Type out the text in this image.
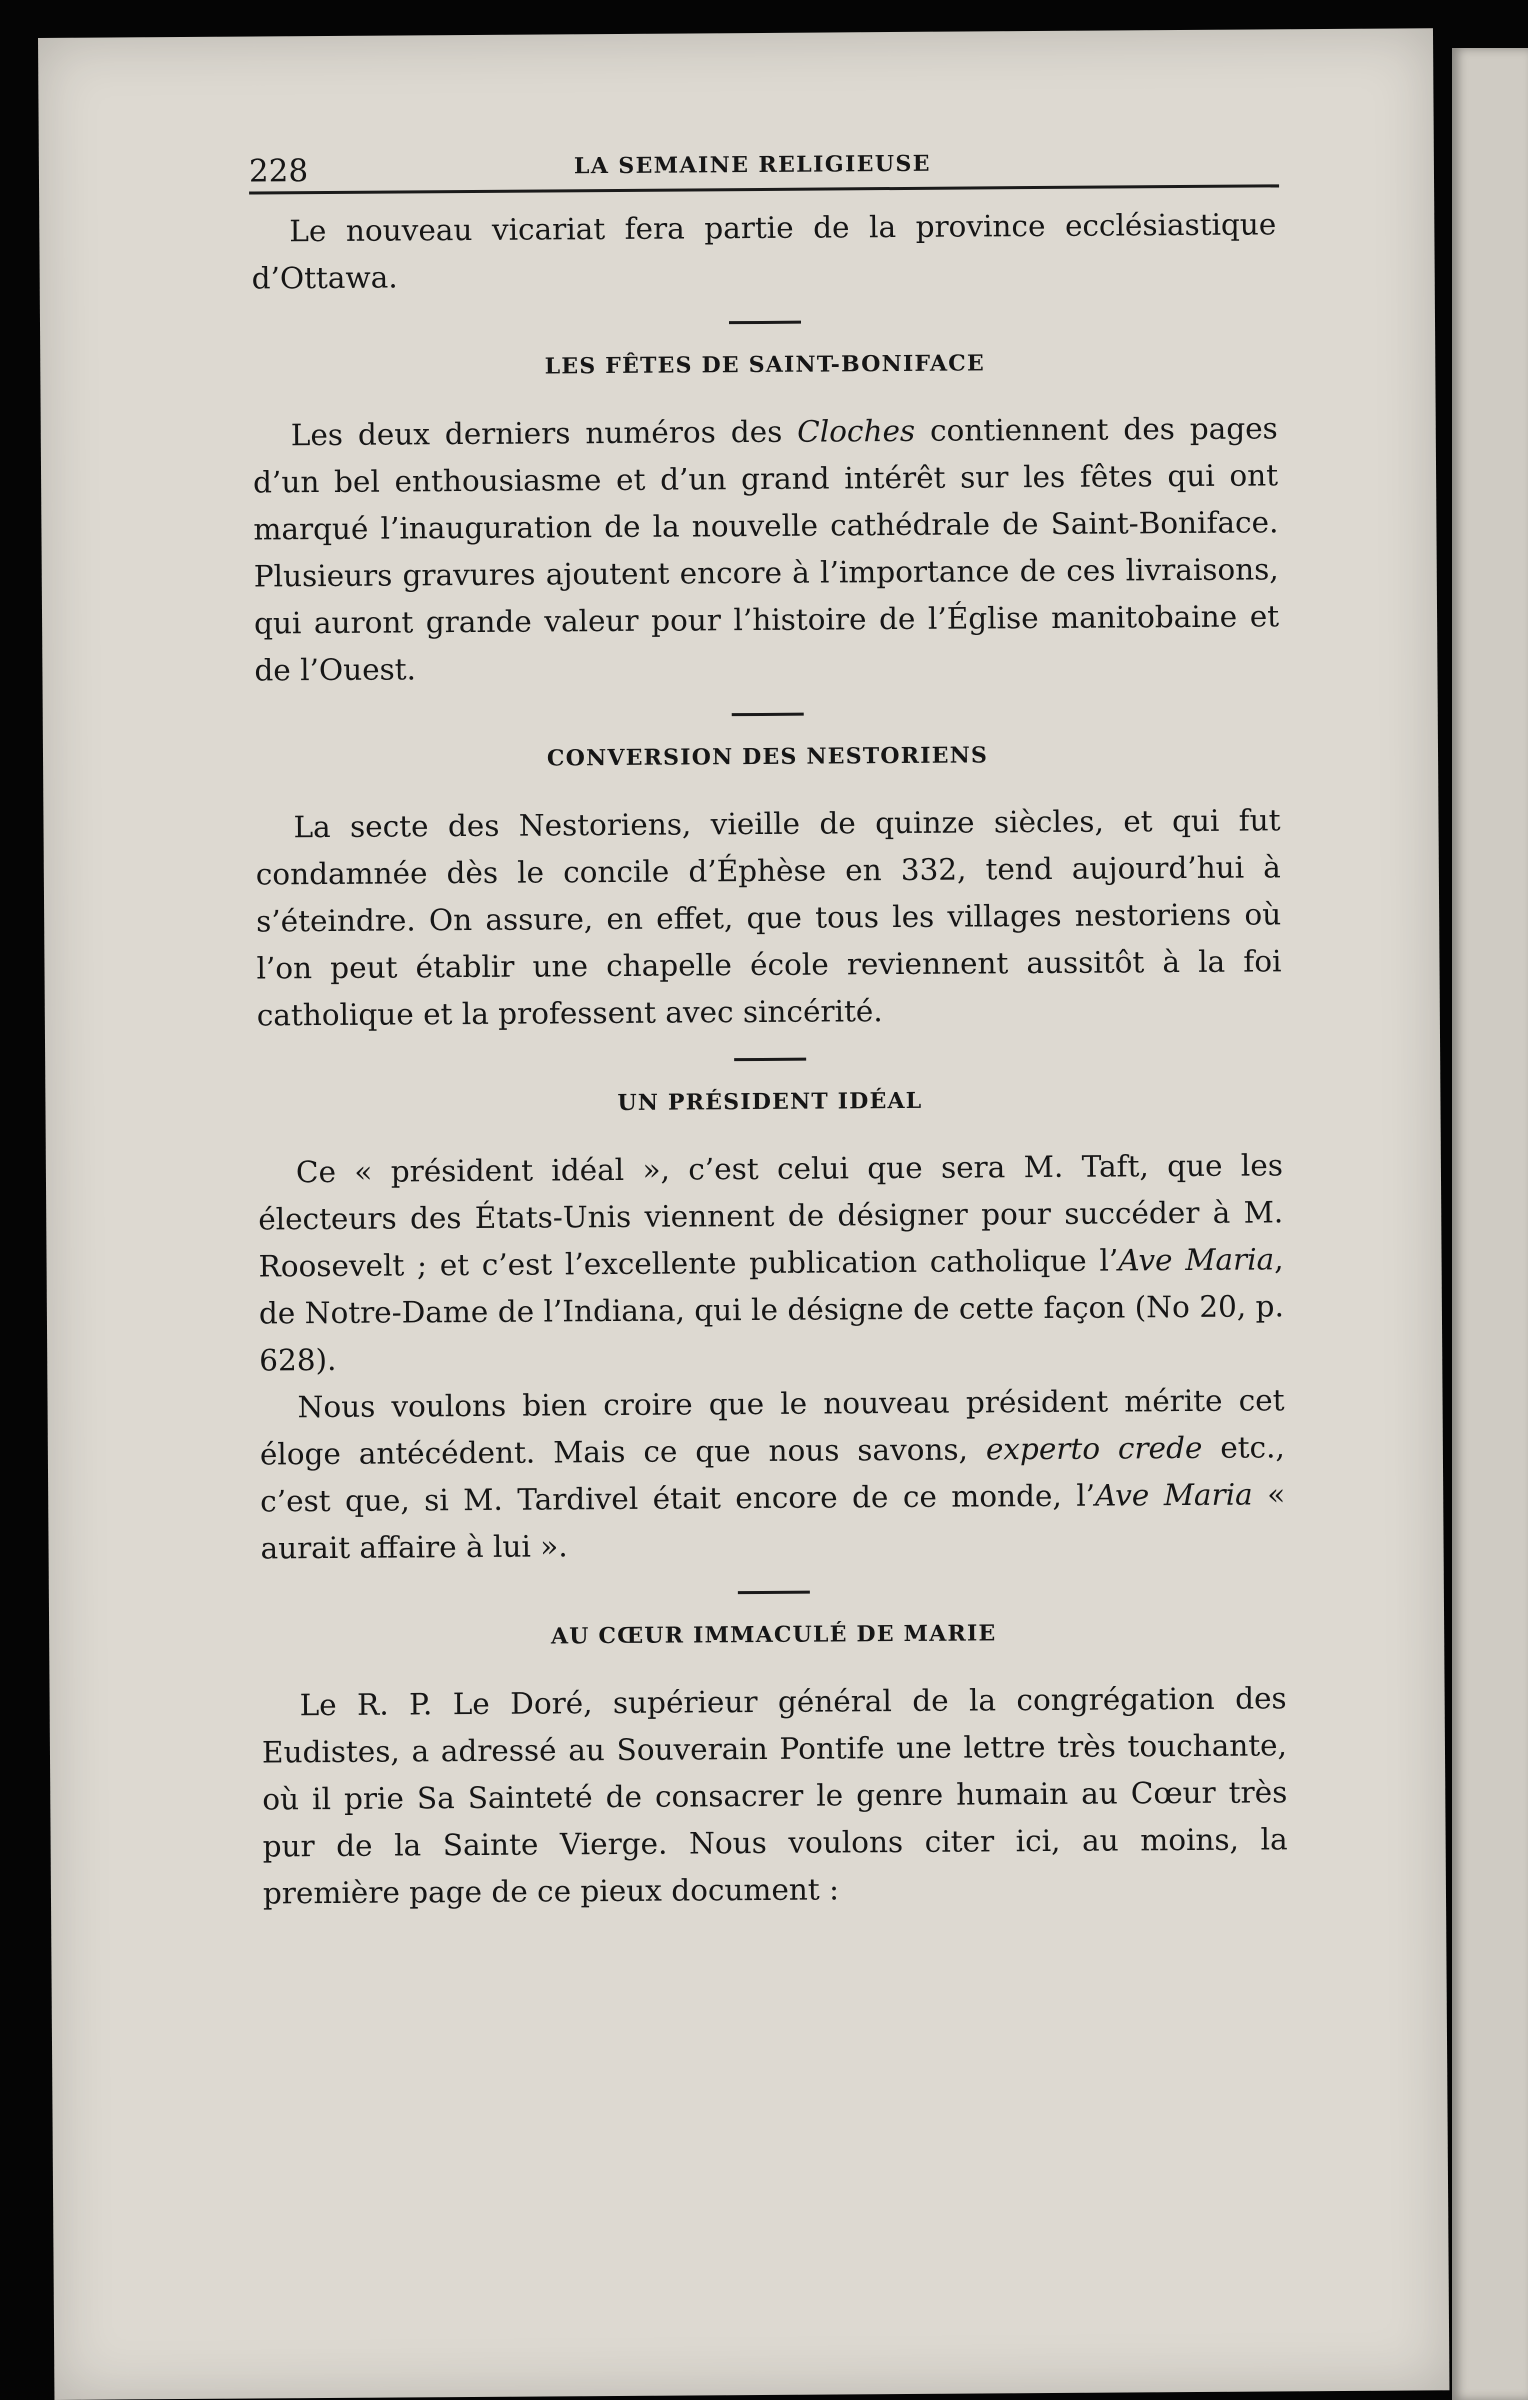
228	LA SEMAINE RELIGIEUSE

Le nouveau vicariat fera partie de la province ecclésiastique d’Ottawa.

LES FÊTES DE SAINT-BONIFACE

Les deux derniers numéros des Cloches contiennent des pages d’un bel enthousiasme et d’un grand intérêt sur les fêtes qui ont marqué l’inauguration de la nouvelle cathédrale de Saint-Boniface. Plusieurs gravures ajoutent encore à l’importance de ces livraisons, qui auront grande valeur pour l’histoire de l’Église manitobaine et de l’Ouest.

CONVERSION DES NESTORIENS

La secte des Nestoriens, vieille de quinze siècles, et qui fut condamnée dès le concile d’Éphèse en 332, tend aujourd’hui à s’éteindre. On assure, en effet, que tous les villages nestoriens où l’on peut établir une chapelle école reviennent aussitôt à la foi catholique et la professent avec sincérité.

UN PRÉSIDENT IDÉAL

Ce « président idéal », c’est celui que sera M. Taft, que les électeurs des États-Unis viennent de désigner pour succéder à M. Roosevelt ; et c’est l’excellente publication catholique l’Ave Maria, de Notre-Dame de l’Indiana, qui le désigne de cette façon (No 20, p. 628).

Nous voulons bien croire que le nouveau président mérite cet éloge antécédent. Mais ce que nous savons, experto crede etc., c’est que, si M. Tardivel était encore de ce monde, l’Ave Maria « aurait affaire à lui ».

AU CŒUR IMMACULÉ DE MARIE

Le R. P. Le Doré, supérieur général de la congrégation des Eudistes, a adressé au Souverain Pontife une lettre très touchante, où il prie Sa Sainteté de consacrer le genre humain au Cœur très pur de la Sainte Vierge. Nous voulons citer ici, au moins, la première page de ce pieux document :
